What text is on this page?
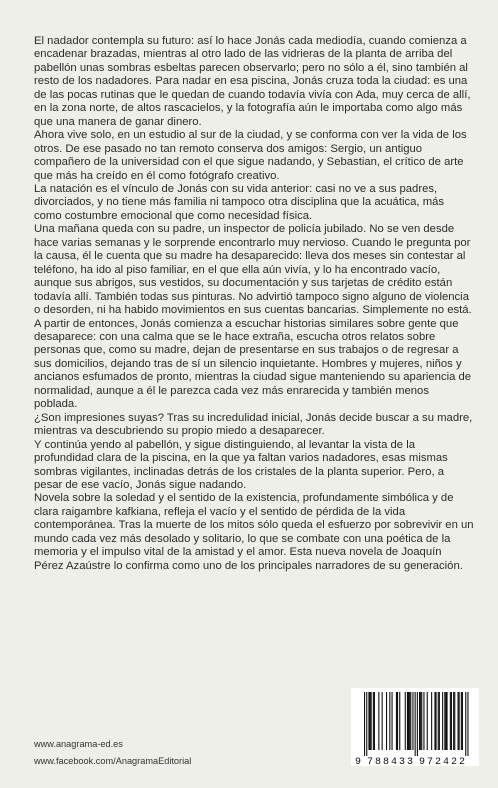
El nadador contempla su futuro: así lo hace Jonás cada mediodía, cuando comienza a encadenar brazadas, mientras al otro lado de las vidrieras de la planta de arriba del pabellón unas sombras esbeltas parecen observarlo; pero no sólo a él, sino también al resto de los nadadores. Para nadar en esa piscina, Jonás cruza toda la ciudad: es una de las pocas rutinas que le quedan de cuando todavía vivía con Ada, muy cerca de allí, en la zona norte, de altos rascacielos, y la fotografía aún le importaba como algo más que una manera de ganar dinero.

Ahora vive solo, en un estudio al sur de la ciudad, y se conforma con ver la vida de los otros. De ese pasado no tan remoto conserva dos amigos: Sergio, un antiguo compañero de la universidad con el que sigue nadando, y Sebastian, el crítico de arte que más ha creído en él como fotógrafo creativo.

La natación es el vínculo de Jonás con su vida anterior: casi no ve a sus padres, divorciados, y no tiene más familia ni tampoco otra disciplina que la acuática, más como costumbre emocional que como necesidad física.

Una mañana queda con su padre, un inspector de policía jubilado. No se ven desde hace varias semanas y le sorprende encontrarlo muy nervioso. Cuando le pregunta por la causa, él le cuenta que su madre ha desaparecido: lleva dos meses sin contestar al teléfono, ha ido al piso familiar, en el que ella aún vivía, y lo ha encontrado vacío, aunque sus abrigos, sus vestidos, su documentación y sus tarjetas de crédito están todavía allí. También todas sus pinturas. No advirtió tampoco signo alguno de violencia o desorden, ni ha habido movimientos en sus cuentas bancarias. Simplemente no está. A partir de entonces, Jonás comienza a escuchar historias similares sobre gente que desaparece: con una calma que se le hace extraña, escucha otros relatos sobre personas que, como su madre, dejan de presentarse en sus trabajos o de regresar a sus domicilios, dejando tras de sí un silencio inquietante. Hombres y mujeres, niños y ancianos esfumados de pronto, mientras la ciudad sigue manteniendo su apariencia de normalidad, aunque a él le parezca cada vez más enrarecida y también menos poblada.

¿Son impresiones suyas? Tras su incredulidad inicial, Jonás decide buscar a su madre, mientras va descubriendo su propio miedo a desaparecer.

Y continúa yendo al pabellón, y sigue distinguiendo, al levantar la vista de la profundidad clara de la piscina, en la que ya faltan varios nadadores, esas mismas sombras vigilantes, inclinadas detrás de los cristales de la planta superior. Pero, a pesar de ese vacío, Jonás sigue nadando.

Novela sobre la soledad y el sentido de la existencia, profundamente simbólica y de clara raigambre kafkiana, refleja el vacío y el sentido de pérdida de la vida contemporánea. Tras la muerte de los mitos sólo queda el esfuerzo por sobrevivir en un mundo cada vez más desolado y solitario, lo que se combate con una poética de la memoria y el impulso vital de la amistad y el amor. Esta nueva novela de Joaquín Pérez Azaústre lo confirma como uno de los principales narradores de su generación.

www.anagrama-ed.es
www.facebook.com/AnagramaEditorial	9 788433 972422
